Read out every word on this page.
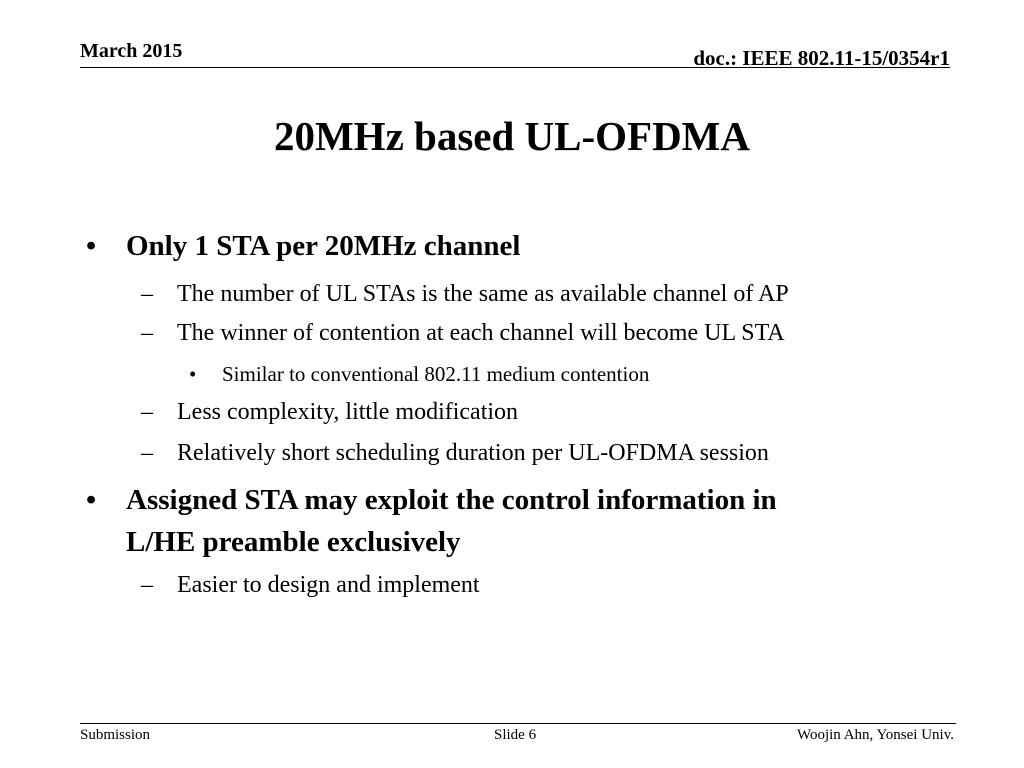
March 2015	doc.: IEEE 802.11-15/0354r1
20MHz based UL-OFDMA
• Only 1 STA per 20MHz channel
– The number of UL STAs is the same as available channel of AP
– The winner of contention at each channel will become UL STA
• Similar to conventional 802.11 medium contention
– Less complexity, little modification
– Relatively short scheduling duration per UL-OFDMA session
• Assigned STA may exploit the control information in
L/HE preamble exclusively
– Easier to design and implement
Submission	Slide 6	Woojin Ahn, Yonsei Univ.
